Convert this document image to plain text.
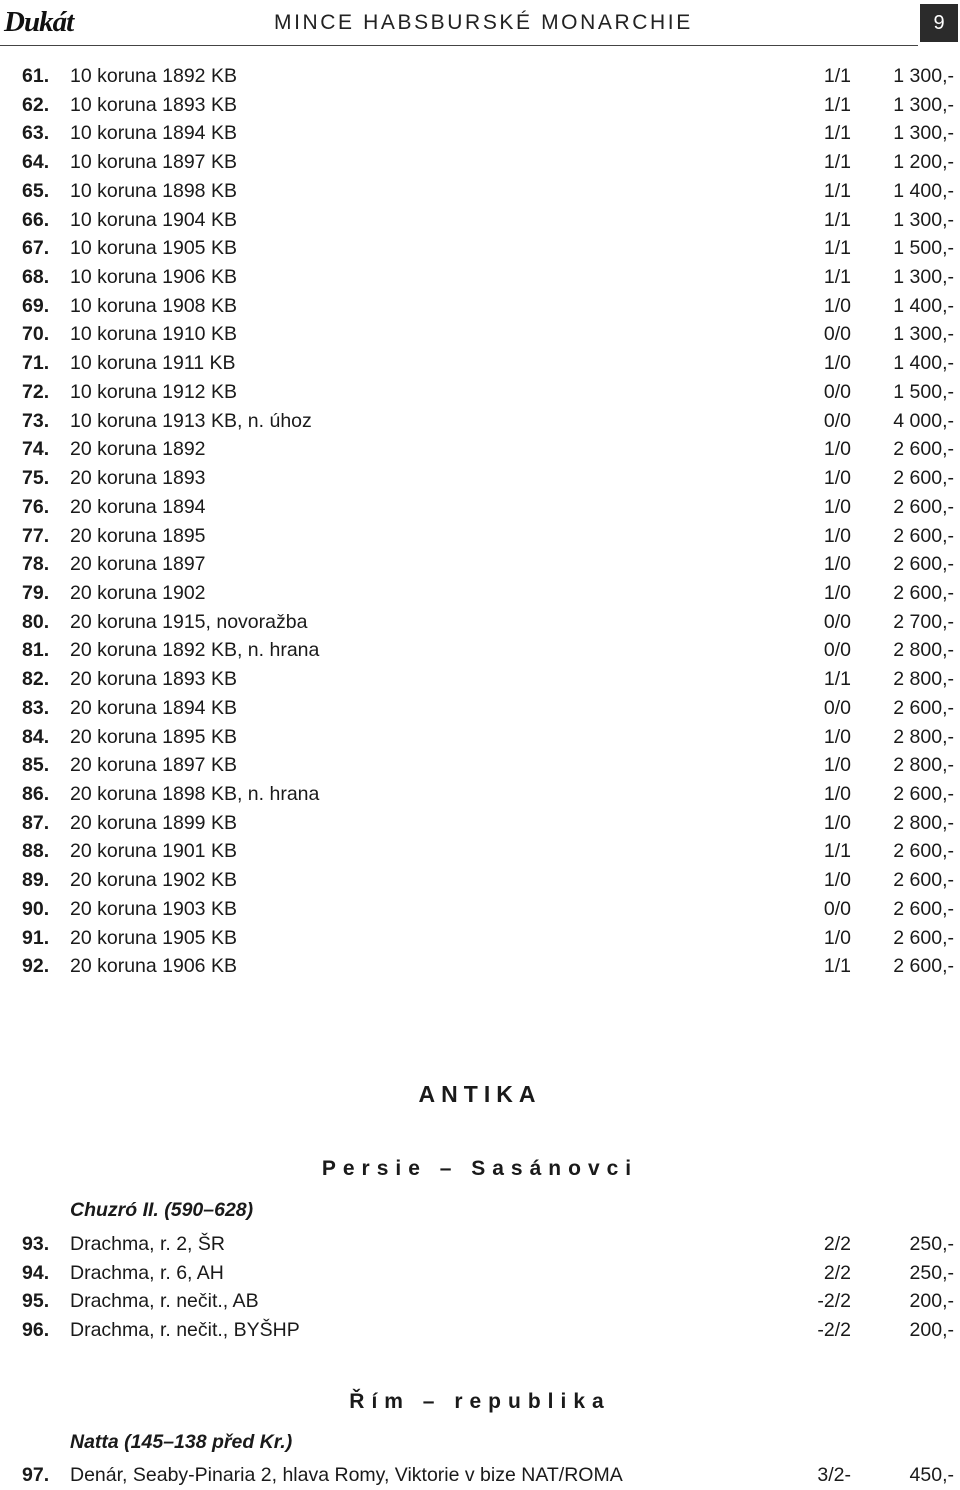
Dukát	MINCE HABSBURSKÉ MONARCHIE	9
61. 10 koruna 1892 KB	1/1 1 300,-
62. 10 koruna 1893 KB	1/1 1 300,-
63. 10 koruna 1894 KB	1/1 1 300,-
64. 10 koruna 1897 KB	1/1 1 200,-
65. 10 koruna 1898 KB	1/1 1 400,-
66. 10 koruna 1904 KB	1/1 1 300,-
67. 10 koruna 1905 KB	1/1 1 500,-
68. 10 koruna 1906 KB	1/1 1 300,-
69. 10 koruna 1908 KB	1/0 1 400,-
70. 10 koruna 1910 KB	0/0 1 300,-
71. 10 koruna 1911 KB	1/0 1 400,-
72. 10 koruna 1912 KB	0/0 1 500,-
73. 10 koruna 1913 KB, n. úhoz	0/0 4 000,-
74. 20 koruna 1892	1/0 2 600,-
75. 20 koruna 1893	1/0 2 600,-
76. 20 koruna 1894	1/0 2 600,-
77. 20 koruna 1895	1/0 2 600,-
78. 20 koruna 1897	1/0 2 600,-
79. 20 koruna 1902	1/0 2 600,-
80. 20 koruna 1915, novoražba	0/0 2 700,-
81. 20 koruna 1892 KB, n. hrana	0/0 2 800,-
82. 20 koruna 1893 KB	1/1 2 800,-
83. 20 koruna 1894 KB	0/0 2 600,-
84. 20 koruna 1895 KB	1/0 2 800,-
85. 20 koruna 1897 KB	1/0 2 800,-
86. 20 koruna 1898 KB, n. hrana	1/0 2 600,-
87. 20 koruna 1899 KB	1/0 2 800,-
88. 20 koruna 1901 KB	1/1 2 600,-
89. 20 koruna 1902 KB	1/0 2 600,-
90. 20 koruna 1903 KB	0/0 2 600,-
91. 20 koruna 1905 KB	1/0 2 600,-
92. 20 koruna 1906 KB	1/1 2 600,-
ANTIKA
Persie – Sasánovci
Chuzró II. (590–628)
93. Drachma, r. 2, ŠR	2/2	250,-
94. Drachma, r. 6, AH	2/2	250,-
95. Drachma, r. nečit., AB	-2/2	200,-
96. Drachma, r. nečit., BYŠHP	-2/2	200,-
Řím – republika
Natta (145–138 před Kr.)
97. Denár, Seaby-Pinaria 2, hlava Romy, Viktorie v bize NAT/ROMA	3/2-	450,-
